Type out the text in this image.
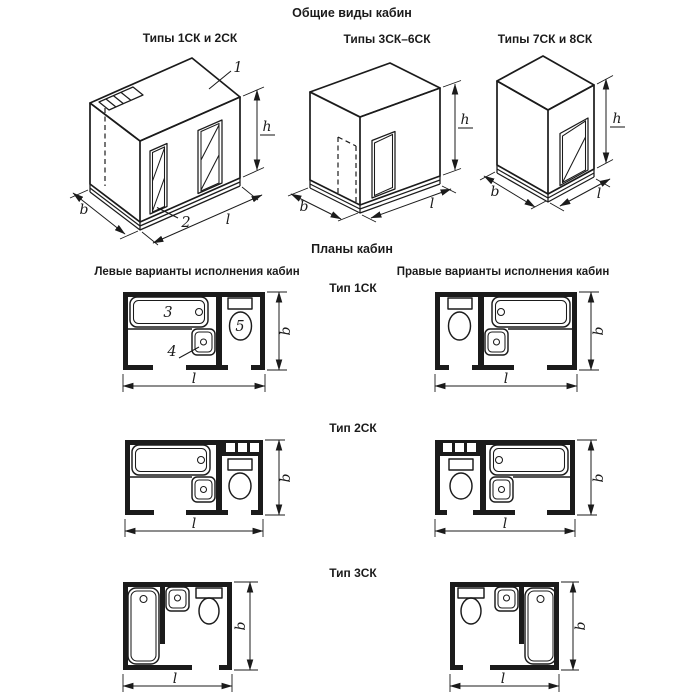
Общие виды кабин
Планы кабин
Левые варианты исполнения кабин	Правые варианты исполнения кабин
Типы 1СК и 2СК
1
2
h
b
l
Типы 3СК–6СК
h
b	l
Типы 7СК и 8СК
h
b	l
Тип 1СК
Тип 2СК
Тип 3СК
3
4
5 b
l
b
l
b
l
b
l
b
l
b
l
